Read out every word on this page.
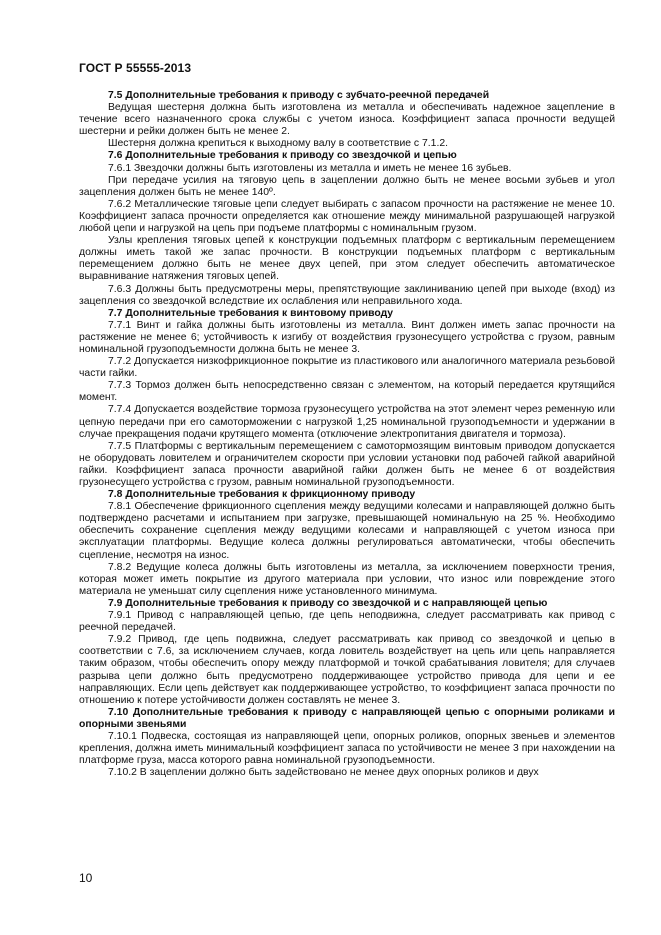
ГОСТ Р 55555-2013

7.5 Дополнительные требования к приводу с зубчато-реечной передачей

Ведущая шестерня должна быть изготовлена из металла и обеспечивать надежное зацепление в течение всего назначенного срока службы с учетом износа. Коэффициент запаса прочности ведущей шестерни и рейки должен быть не менее 2.

Шестерня должна крепиться к выходному валу в соответствие с 7.1.2.

7.6 Дополнительные требования к приводу со звездочкой и цепью

7.6.1 Звездочки должны быть изготовлены из металла и иметь не менее 16 зубьев.

При передаче усилия на тяговую цепь в зацеплении должно быть не менее восьми зубьев и угол зацепления должен быть не менее 140º.

7.6.2 Металлические тяговые цепи следует выбирать с запасом прочности на растяжение не менее 10. Коэффициент запаса прочности определяется как отношение между минимальной разрушающей нагрузкой любой цепи и нагрузкой на цепь при подъеме платформы с номинальным грузом.

Узлы крепления тяговых цепей к конструкции подъемных платформ с вертикальным перемещением должны иметь такой же запас прочности. В конструкции подъемных платформ с вертикальным перемещением должно быть не менее двух цепей, при этом следует обеспечить автоматическое выравнивание натяжения тяговых цепей.

7.6.3 Должны быть предусмотрены меры, препятствующие заклиниванию цепей при выходе (вход) из зацепления со звездочкой вследствие их ослабления или неправильного хода.

7.7 Дополнительные требования к винтовому приводу

7.7.1 Винт и гайка должны быть изготовлены из металла. Винт должен иметь запас прочности на растяжение не менее 6; устойчивость к изгибу от воздействия грузонесущего устройства с грузом, равным номинальной грузоподъемности должна быть не менее 3.

7.7.2 Допускается низкофрикционное покрытие из пластикового или аналогичного материала резьбовой части гайки.

7.7.3 Тормоз должен быть непосредственно связан с элементом, на который передается крутящийся момент.

7.7.4 Допускается воздействие тормоза грузонесущего устройства на этот элемент через ременную или цепную передачи при его самоторможении с нагрузкой 1,25 номинальной грузоподъемности и удержании в случае прекращения подачи крутящего момента (отключение электропитания двигателя и тормоза).

7.7.5 Платформы с вертикальным перемещением с самотормозящим винтовым приводом допускается не оборудовать ловителем и ограничителем скорости при условии установки под рабочей гайкой аварийной гайки. Коэффициент запаса прочности аварийной гайки должен быть не менее 6 от воздействия грузонесущего устройства с грузом, равным номинальной грузоподъемности.

7.8 Дополнительные требования к фрикционному приводу

7.8.1 Обеспечение фрикционного сцепления между ведущими колесами и направляющей должно быть подтверждено расчетами и испытанием при загрузке, превышающей номинальную на 25 %. Необходимо обеспечить сохранение сцепления между ведущими колесами и направляющей с учетом износа при эксплуатации платформы. Ведущие колеса должны регулироваться автоматически, чтобы обеспечить сцепление, несмотря на износ.

7.8.2 Ведущие колеса должны быть изготовлены из металла, за исключением поверхности трения, которая может иметь покрытие из другого материала при условии, что износ или повреждение этого материала не уменьшат силу сцепления ниже установленного минимума.

7.9 Дополнительные требования к приводу со звездочкой и с направляющей цепью

7.9.1 Привод с направляющей цепью, где цепь неподвижна, следует рассматривать как привод с реечной передачей.

7.9.2 Привод, где цепь подвижна, следует рассматривать как привод со звездочкой и цепью в соответствии с 7.6, за исключением случаев, когда ловитель воздействует на цепь или цепь направляется таким образом, чтобы обеспечить опору между платформой и точкой срабатывания ловителя; для случаев разрыва цепи должно быть предусмотрено поддерживающее устройство привода для цепи и ее направляющих. Если цепь действует как поддерживающее устройство, то коэффициент запаса прочности по отношению к потере устойчивости должен составлять не менее 3.

7.10 Дополнительные требования к приводу с направляющей цепью с опорными роликами и опорными звеньями

7.10.1 Подвеска, состоящая из направляющей цепи, опорных роликов, опорных звеньев и элементов крепления, должна иметь минимальный коэффициент запаса по устойчивости не менее 3 при нахождении на платформе груза, масса которого равна номинальной грузоподъемности.

7.10.2 В зацеплении должно быть задействовано не менее двух опорных роликов и двух

10
